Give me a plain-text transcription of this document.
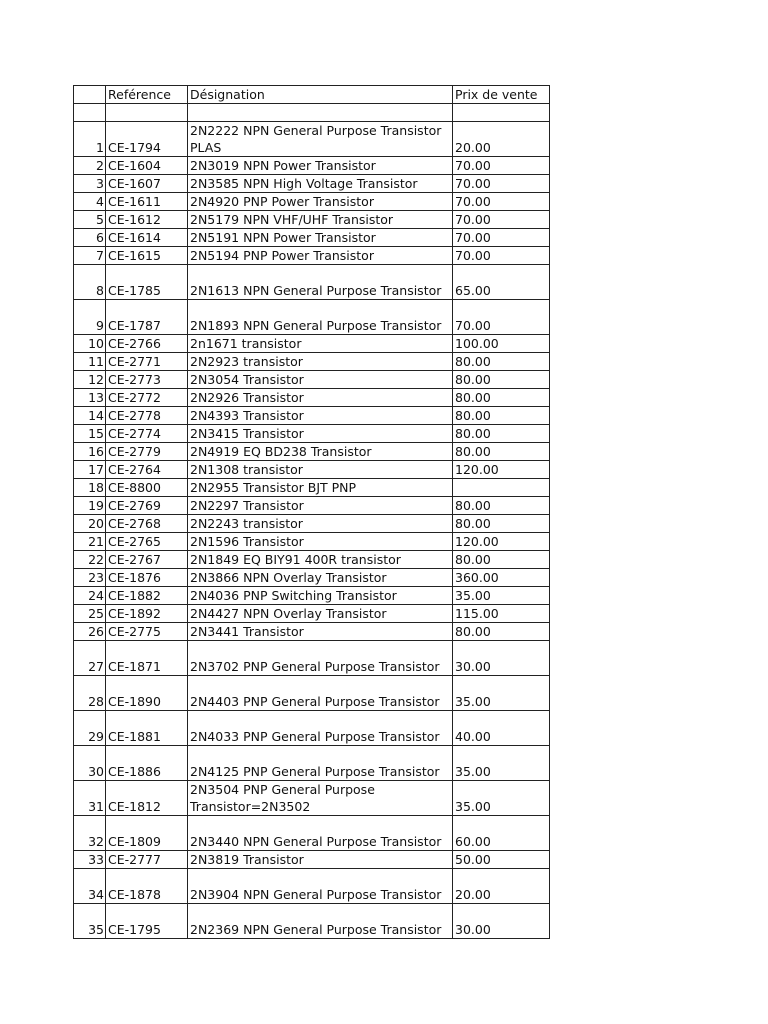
	Reférence	Désignation	Prix de vente

1	CE-1794	2N2222 NPN General Purpose Transistor PLAS	20.00
2	CE-1604	2N3019 NPN Power Transistor	70.00
3	CE-1607	2N3585 NPN High Voltage Transistor	70.00
4	CE-1611	2N4920 PNP Power Transistor	70.00
5	CE-1612	2N5179 NPN VHF/UHF Transistor	70.00
6	CE-1614	2N5191 NPN Power Transistor	70.00
7	CE-1615	2N5194 PNP Power Transistor	70.00
8	CE-1785	2N1613 NPN General Purpose Transistor	65.00
9	CE-1787	2N1893 NPN General Purpose Transistor	70.00
10	CE-2766	2n1671 transistor	100.00
11	CE-2771	2N2923 transistor	80.00
12	CE-2773	2N3054 Transistor	80.00
13	CE-2772	2N2926 Transistor	80.00
14	CE-2778	2N4393 Transistor	80.00
15	CE-2774	2N3415 Transistor	80.00
16	CE-2779	2N4919 EQ BD238 Transistor	80.00
17	CE-2764	2N1308 transistor	120.00
18	CE-8800	2N2955 Transistor BJT PNP	
19	CE-2769	2N2297 Transistor	80.00
20	CE-2768	2N2243 transistor	80.00
21	CE-2765	2N1596 Transistor	120.00
22	CE-2767	2N1849 EQ BIY91 400R transistor	80.00
23	CE-1876	2N3866 NPN Overlay Transistor	360.00
24	CE-1882	2N4036 PNP Switching Transistor	35.00
25	CE-1892	2N4427 NPN Overlay Transistor	115.00
26	CE-2775	2N3441 Transistor	80.00
27	CE-1871	2N3702 PNP General Purpose Transistor	30.00
28	CE-1890	2N4403 PNP General Purpose Transistor	35.00
29	CE-1881	2N4033 PNP General Purpose Transistor	40.00
30	CE-1886	2N4125 PNP General Purpose Transistor	35.00
31	CE-1812	2N3504 PNP General Purpose Transistor=2N3502	35.00
32	CE-1809	2N3440 NPN General Purpose Transistor	60.00
33	CE-2777	2N3819 Transistor	50.00
34	CE-1878	2N3904 NPN General Purpose Transistor	20.00
35	CE-1795	2N2369 NPN General Purpose Transistor	30.00
